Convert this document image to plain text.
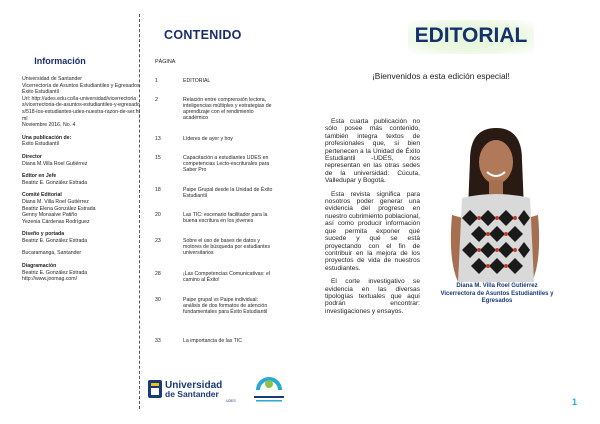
Información
Universidad de Santander
Vicerrectoría de Asuntos Estudiantiles y Egresados
Éxito Estudiantil
Url: http://udes.edu.co/la-universidad/vicerrectorias/vicerrectoria-de-asuntos-estudiantiles-y-egresados/518-los-estudiantes-udes-nuestra-razon-de-ser.html
Noviembre 2016, No. 4
Una publicación de:
Éxito Estudiantil
Director
Diana M.Villa Roel Gutiérrez
Editor en Jefe
Beatriz E. González Estrada
Comité Editorial
Diana M. Villa Roel Gutiérrez
Beatriz Elena González Estrada
Genny Monsalve Patiño
Yezenia Cárdenas Rodríguez
Diseño y portada
Beatriz E. González Estrada
Bucaramanga, Santander
Diagramación
Beatriz E. González Estrada
http://www.joomag.com/
CONTENIDO
PÁGINA
1	EDITORIAL
2	Relación entre comprensión lectora, inteligencias múltiples y estrategias de aprendizaje con el rendimiento académico
13	Líderes de ayer y hoy
15	Capacitación a estudiantes UDES en competencias Lecto-escriturales para Saber Pro
18	Paipe Grupal desde la Unidad de Éxito Estudiantil
20	Las TIC: escenario facilitador para la buena escritura en los jóvenes
23	Sobre el uso de bases de datos y motores de búsqueda por estudiantes universitarios
28	¡Las Competencias Comunicativas: el camino al Éxito!
30	Paipe grupal vs Paipe individual: análisis de dos formatos de atención fundamentales para Éxito Estudiantil
33	La importancia de las TIC
EDITORIAL
¡Bienvenidos a esta edición especial!

Esta cuarta publicación no sólo posee más contenido, también integra textos de profesionales que, si bien pertenecen a la Unidad de Éxito Estudiantil -UDES, nos representan en las otras sedes de la universidad: Cúcuta, Valledupar y Bogotá.

Esta revista significa para nosotros poder generar una evidencia del progreso en nuestro cubrimiento poblacional, así como producir información que permita exponer qué sucede y qué se está proyectando con el fin de contribuir en la mejora de los proyectos de vida de nuestros estudiantes.

El corte investigativo se evidencia en las diversas tipologías textuales que aquí podrán encontrar: investigaciones y ensayos.

Diana M. Villa Roel Gutiérrez
Vicerrectora de Asuntos Estudiantiles y Egresados
Universidad
de Santander
UDES	1
